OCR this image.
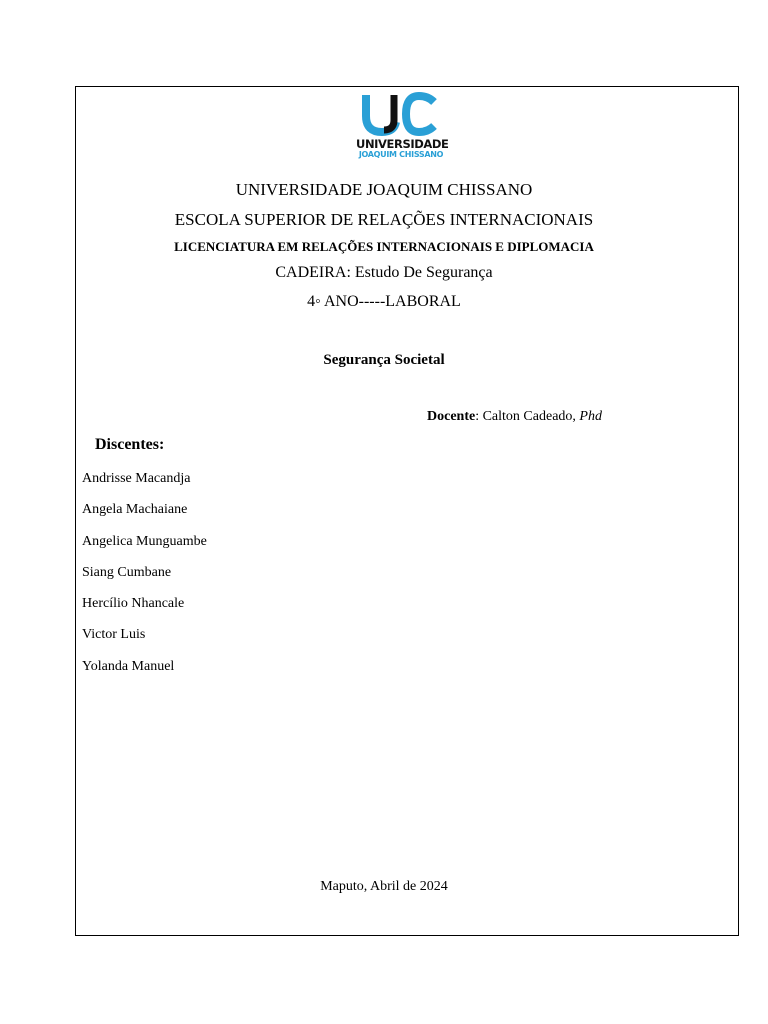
UNIVERSIDADE
JOAQUIM CHISSANO
UNIVERSIDADE JOAQUIM CHISSANO
ESCOLA SUPERIOR DE RELAÇÕES INTERNACIONAIS
LICENCIATURA EM RELAÇÕES INTERNACIONAIS E DIPLOMACIA
CADEIRA: Estudo De Segurança
4◦ ANO-----LABORAL
Segurança Societal
Docente: Calton Cadeado, Phd
Discentes:
Andrisse Macandja
Angela Machaiane
Angelica Munguambe
Siang Cumbane
Hercílio Nhancale
Victor Luis
Yolanda Manuel
Maputo, Abril de 2024
